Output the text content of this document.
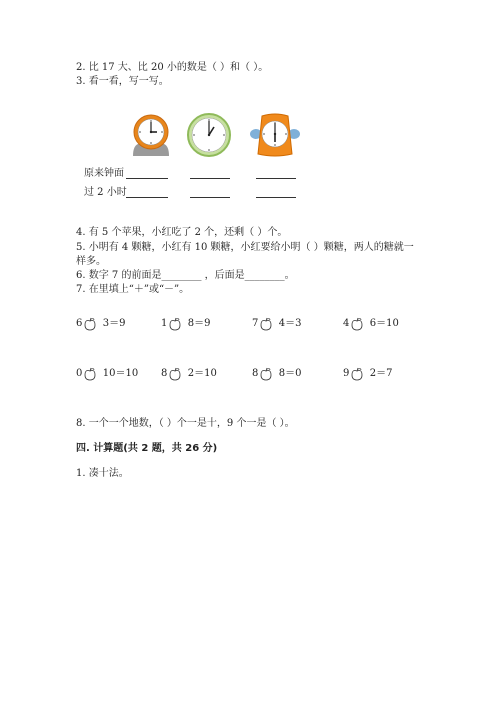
2. 比 17 大、比 20 小的数是（ ）和（ ）。
3. 看一看，写一写。
原来钟面
过 2 小时
4. 有 5 个苹果，小红吃了 2 个，还剩（ ）个。
5. 小明有 4 颗糖，小红有 10 颗糖，小红要给小明（ ）颗糖，两人的糖就一
样多。
6. 数字 7 的前面是________ ，后面是________。
7. 在里填上“＋”或“－”。
6 3＝9	1 8＝9	7 4＝3	4 6＝10
0 10＝10 8 2＝10	8 8＝0	9 2＝7
8. 一个一个地数，（ ）个一是十，9 个一是（ ）。
四. 计算题(共 2 题，共 26 分)
1. 凑十法。
